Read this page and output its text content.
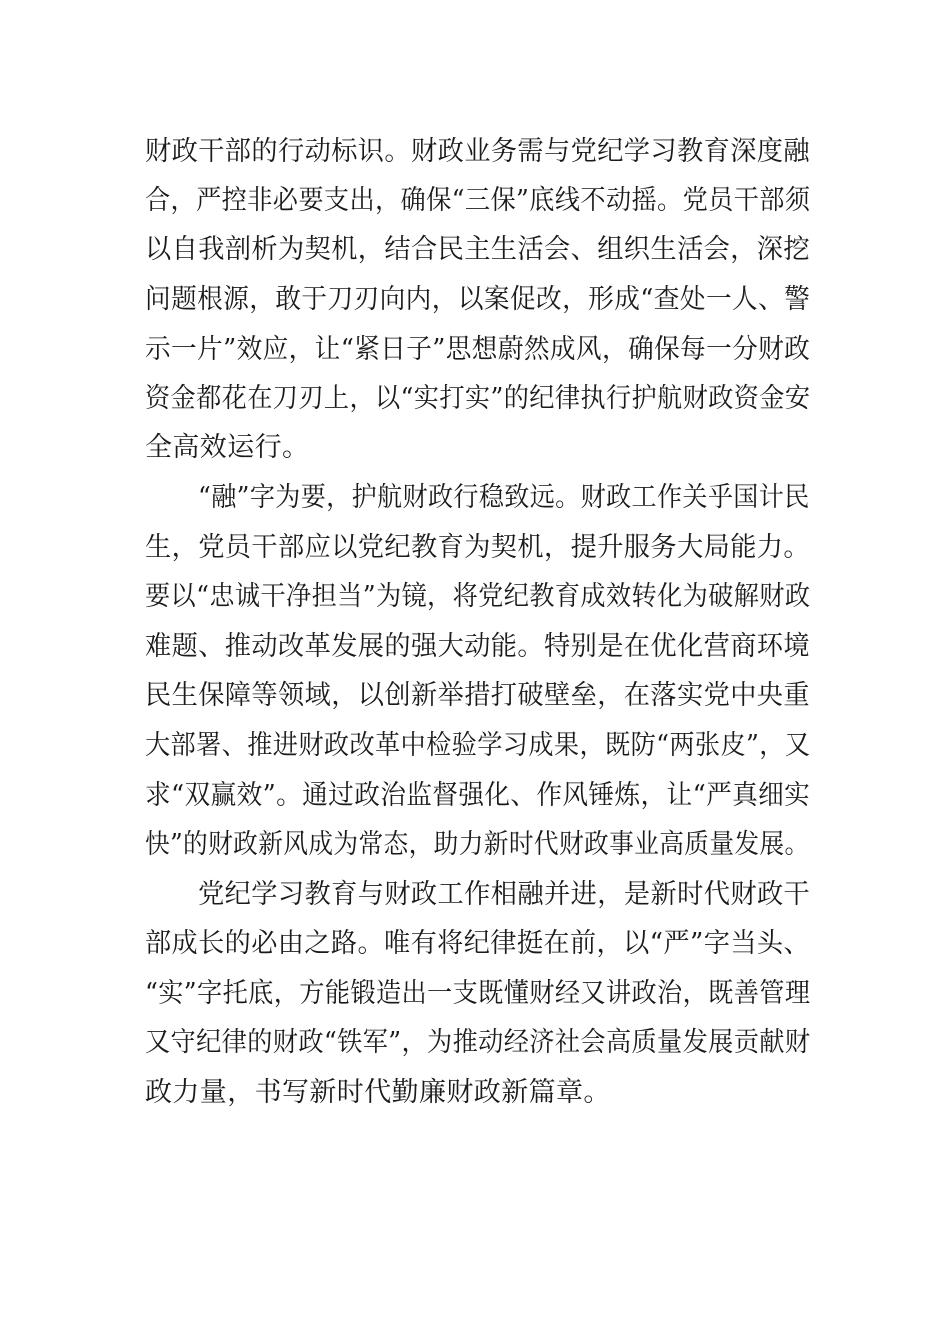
财政干部的行动标识。财政业务需与党纪学习教育深度融
合，严控非必要支出，确保“三保”底线不动摇。党员干部须
以自我剖析为契机，结合民主生活会、组织生活会，深挖
问题根源，敢于刀刃向内，以案促改，形成“查处一人、警
示一片”效应，让“紧日子”思想蔚然成风，确保每一分财政
资金都花在刀刃上，以“实打实”的纪律执行护航财政资金安
全高效运行。
“融”字为要，护航财政行稳致远。财政工作关乎国计民
生，党员干部应以党纪教育为契机，提升服务大局能力。
要以“忠诚干净担当”为镜，将党纪教育成效转化为破解财政
难题、推动改革发展的强大动能。特别是在优化营商环境
民生保障等领域，以创新举措打破壁垒，在落实党中央重
大部署、推进财政改革中检验学习成果，既防“两张皮”，又
求“双赢效”。通过政治监督强化、作风锤炼，让“严真细实
快”的财政新风成为常态，助力新时代财政事业高质量发展。
党纪学习教育与财政工作相融并进，是新时代财政干
部成长的必由之路。唯有将纪律挺在前，以“严”字当头、
“实”字托底，方能锻造出一支既懂财经又讲政治，既善管理
又守纪律的财政“铁军”，为推动经济社会高质量发展贡献财
政力量，书写新时代勤廉财政新篇章。
